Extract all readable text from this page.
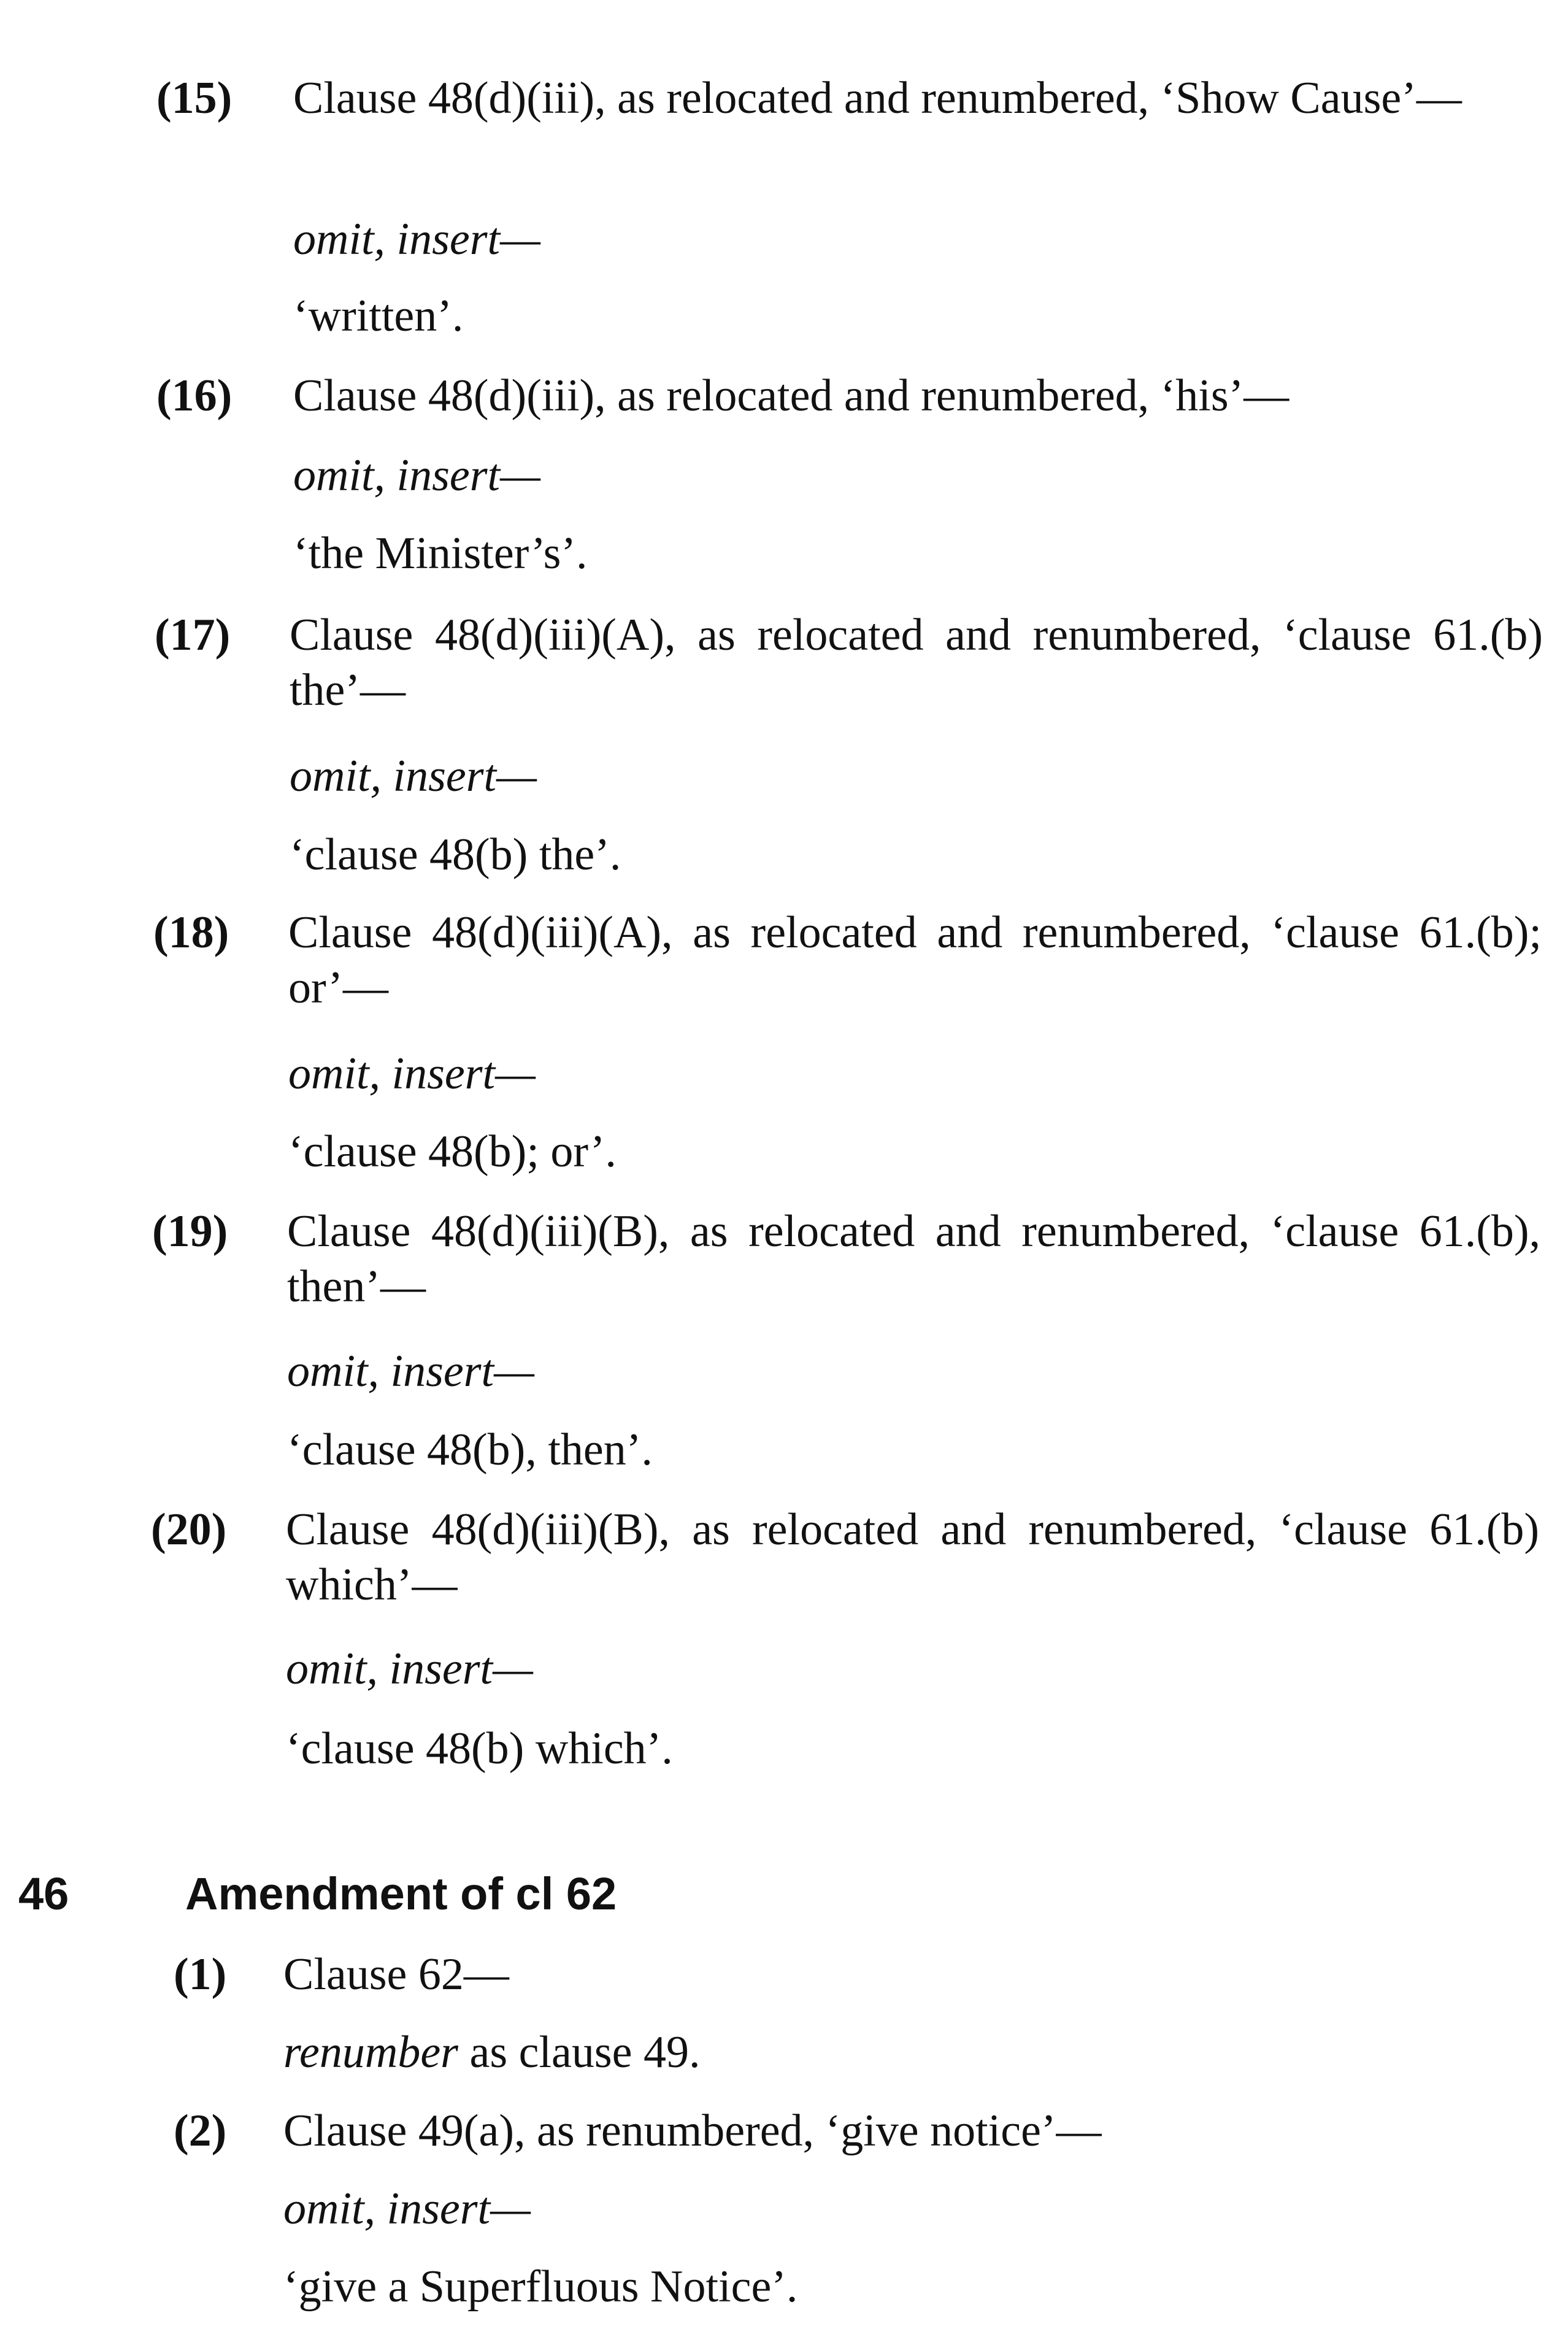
(15) Clause 48(d)(iii), as relocated and renumbered, ‘Show Cause’—
omit, insert—
‘written’.
(16) Clause 48(d)(iii), as relocated and renumbered, ‘his’—
omit, insert—
‘the Minister’s’.
(17) Clause 48(d)(iii)(A), as relocated and renumbered, ‘clause 61.(b) the’—
omit, insert—
‘clause 48(b) the’.
(18) Clause 48(d)(iii)(A), as relocated and renumbered, ‘clause 61.(b); or’—
omit, insert—
‘clause 48(b); or’.
(19) Clause 48(d)(iii)(B), as relocated and renumbered, ‘clause 61.(b), then’—
omit, insert—
‘clause 48(b), then’.
(20) Clause 48(d)(iii)(B), as relocated and renumbered, ‘clause 61.(b) which’—
omit, insert—
‘clause 48(b) which’.
46	Amendment of cl 62
(1) Clause 62—
renumber as clause 49.
(2) Clause 49(a), as renumbered, ‘give notice’—
omit, insert—
‘give a Superfluous Notice’.
